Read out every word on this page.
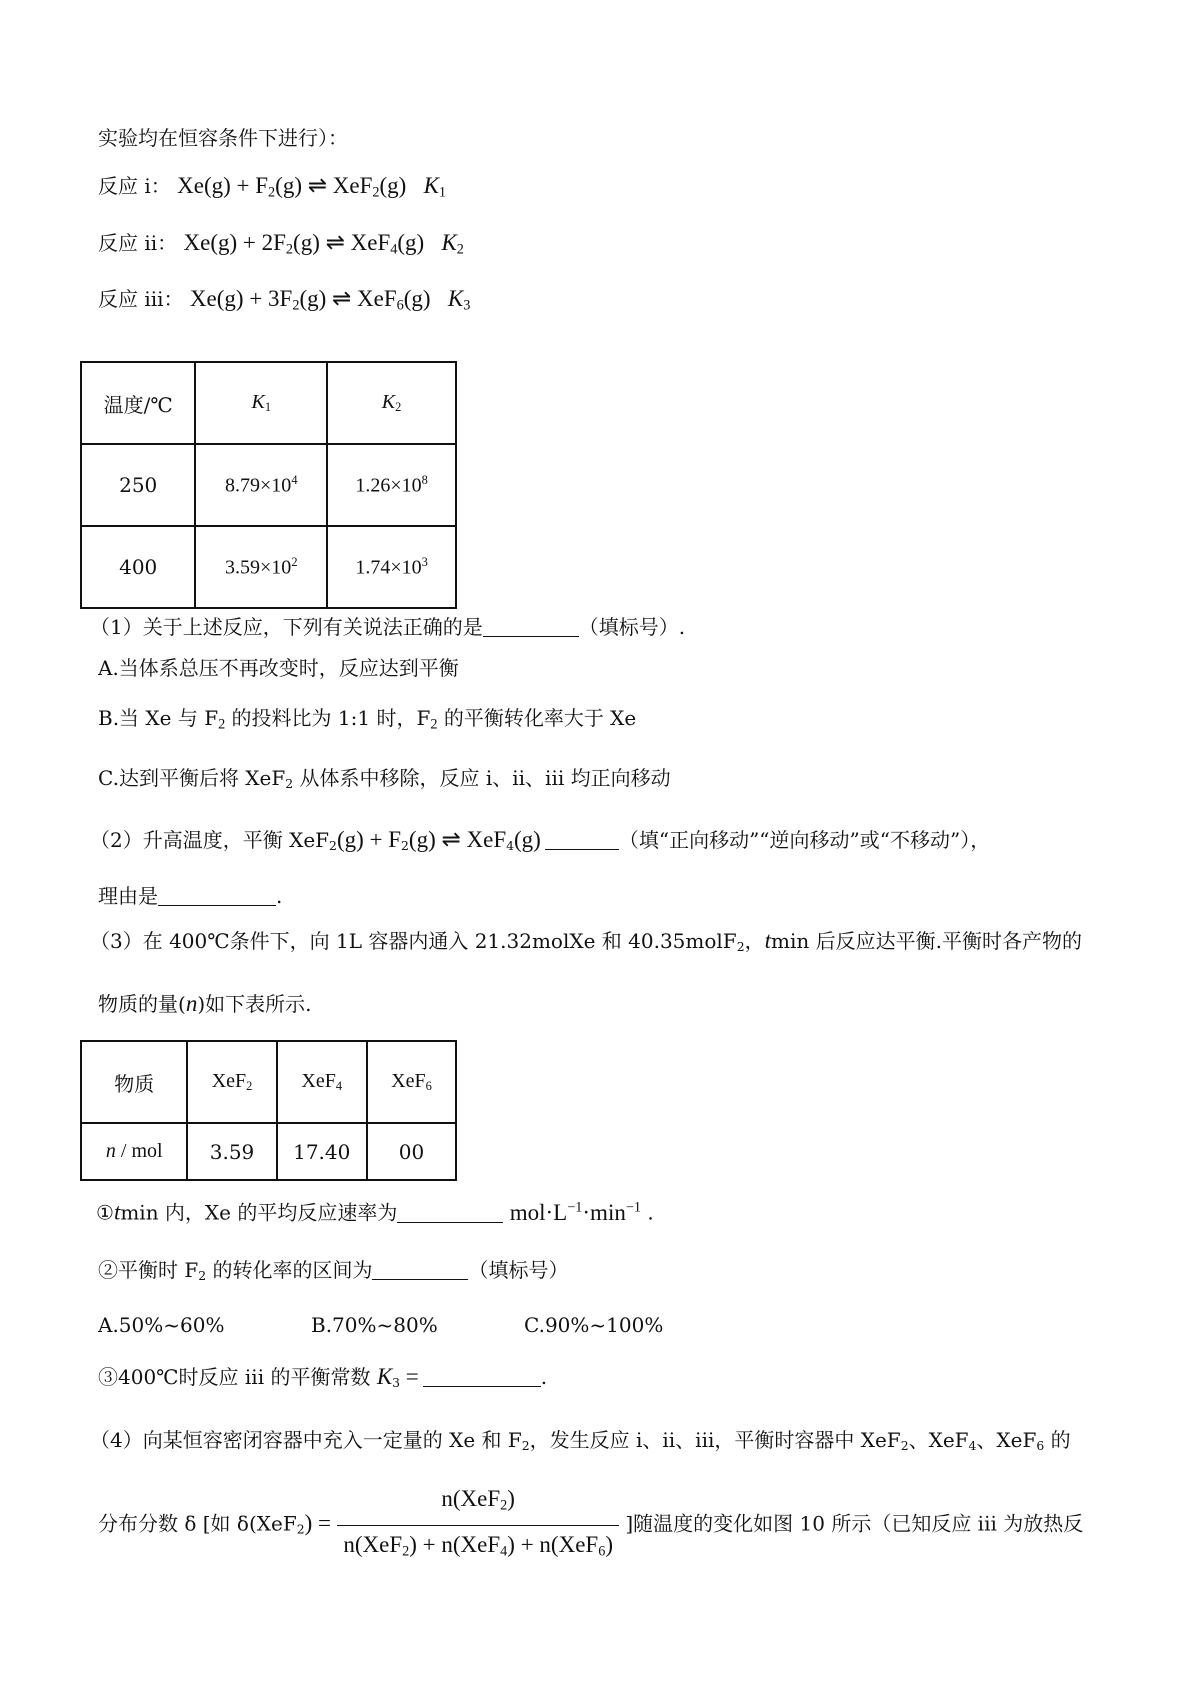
实验均在恒容条件下进行）：
反应 i： $Xe(g) + F_2(g)$ ⇌ XeF$_2$(g) $K_1$
反应 ii： $Xe(g) + 2F_2(g)$ ⇌ XeF$_4$(g) $K_2$
反应 iii： $Xe(g) + 3F_2(g)$ ⇌ XeF$_6$(g) $K_3$
温度/℃	$K_1$	$K_2$
250	$8.79\times 10^4$	$1.26\times 10^8$
400	$3.59\times 10^2$	$1.74\times 10^3$
（1）关于上述反应，下列有关说法正确的是	（填标号）.
A.当体系总压不再改变时，反应达到平衡
B.当 Xe 与 $F_2$ 的投料比为 1:1 时，$F_2$ 的平衡转化率大于 Xe
C.达到平衡后将 XeF$_2$ 从体系中移除，反应 i、ii、iii 均正向移动
（2）升高温度，平衡 $XeF_2(g) + F_2(g)$ ⇌ XeF$_4$(g)	（填“正向移动”“逆向移动”或“不移动”），
理由是	.
（3）在 400℃条件下，向 1L 容器内通入 21.32molXe 和 40.35molF$_2$，tmin 后反应达平衡.平衡时各产物的
物质的量(n)如下表所示.
物质	XeF$_2$	XeF$_4$	XeF$_6$
n / mol	3.59	17.40	00
①tmin 内，Xe 的平均反应速率为	$mol\cdot L^{-1}\cdot\min^{-1}$ .
②平衡时 $F_2$ 的转化率的区间为	（填标号）
A.50%~60%	B.70%~80%	C.90%~100%
③400℃时反应 iii 的平衡常数 $K_3$ =	.
（4）向某恒容密闭容器中充入一定量的 Xe 和 $F_2$，发生反应 i、ii、iii，平衡时容器中 XeF$_2$、XeF$_4$、XeF$_6$ 的
分布分数 δ [如 $\delta(XeF_2) = \frac{n(XeF_2)}{n(XeF_2) + n(XeF_4) + n(XeF_6)}$ ]随温度的变化如图 10 所示（已知反应 iii 为放热反
